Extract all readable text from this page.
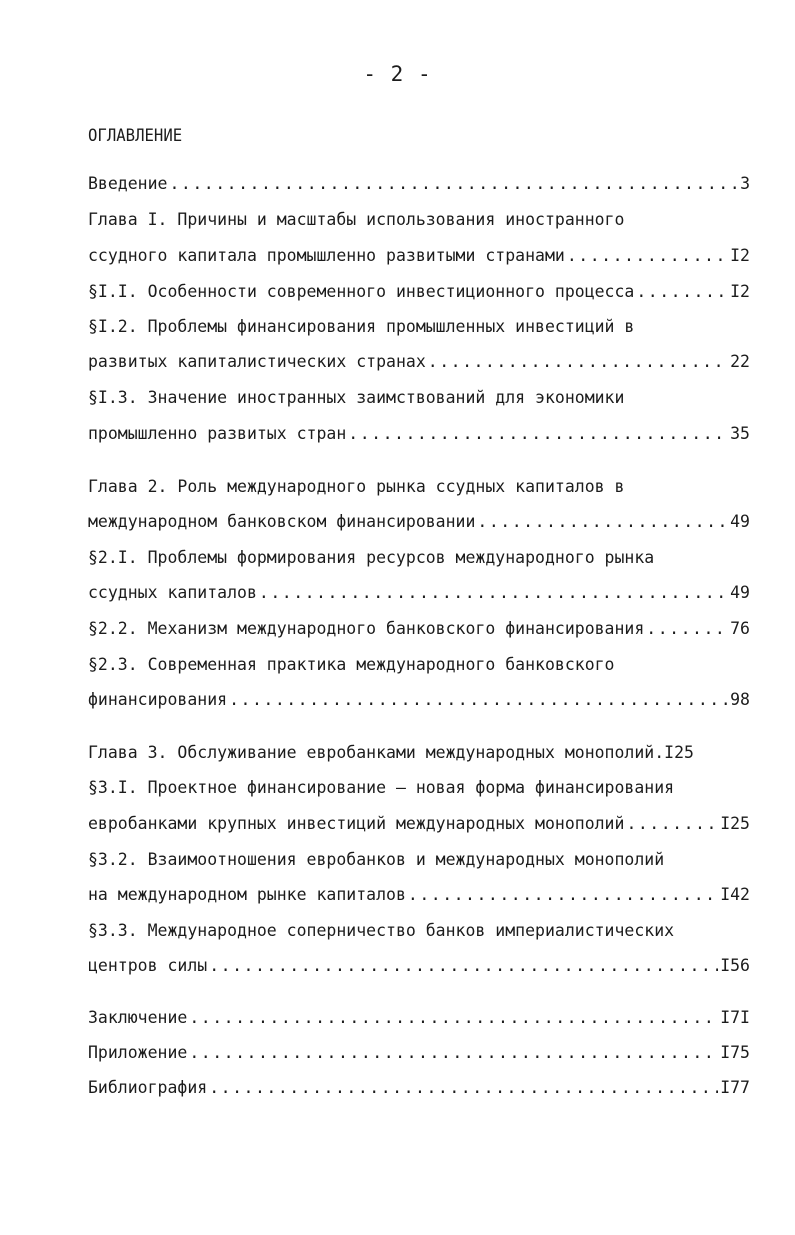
- 2 -
ОГЛАВЛЕНИЕ
Введение .....	3
Глава I. Причины и масштабы использования иностранного
ссудного капитала промышленно развитыми странами .....	I2
§I.I. Особенности современного инвестиционного процесса .....	I2
§I.2. Проблемы финансирования промышленных инвестиций в
развитых капиталистических странах .....	22
§I.3. Значение иностранных заимствований для экономики
промышленно развитых стран .....	35
Глава 2. Роль международного рынка ссудных капиталов в
международном банковском финансировании .....	49
§2.I. Проблемы формирования ресурсов международного рынка
ссудных капиталов .....	49
§2.2. Механизм международного банковского финансирования .....	76
§2.3. Современная практика международного банковского
финансирования .....	98
Глава 3. Обслуживание евробанками международных монополий. I25
§3.I. Проектное финансирование – новая форма финансирования
евробанками крупных инвестиций международных монополий .....	I25
§3.2. Взаимоотношения евробанков и международных монополий
на международном рынке капиталов .....	I42
§3.3. Международное соперничество банков империалистических
центров силы .....	I56
Заключение .....	I7I
Приложение .....	I75
Библиография .....	I77
